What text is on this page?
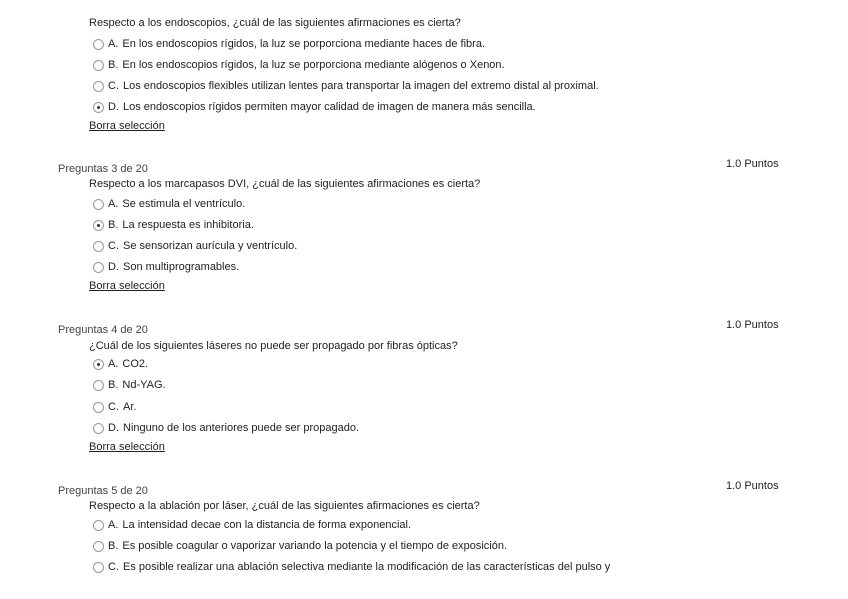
Respecto a los endoscopios, ¿cuál de las siguientes afirmaciones es cierta?
A. En los endoscopios rígidos, la luz se porporciona mediante haces de fibra.
B. En los endoscopios rígidos, la luz se porporciona mediante alógenos o Xenon.
C. Los endoscopios flexibles utilizan lentes para transportar la imagen del extremo distal al proximal.
D. Los endoscopios rígidos permiten mayor calidad de imagen de manera más sencilla.
Borra selección
Preguntas 3 de 20	1.0 Puntos
Respecto a los marcapasos DVI, ¿cuál de las siguientes afirmaciones es cierta?
A. Se estimula el ventrículo.
B. La respuesta es inhibitoria.
C. Se sensorizan aurícula y ventrículo.
D. Son multiprogramables.
Borra selección
Preguntas 4 de 20	1.0 Puntos
¿Cuál de los siguientes láseres no puede ser propagado por fibras ópticas?
A. CO2.
B. Nd-YAG.
C. Ar.
D. Ninguno de los anteriores puede ser propagado.
Borra selección
Preguntas 5 de 20	1.0 Puntos
Respecto a la ablación por láser, ¿cuál de las siguientes afirmaciones es cierta?
A. La intensidad decae con la distancia de forma exponencial.
B. Es posible coagular o vaporizar variando la potencia y el tiempo de exposición.
C. Es posible realizar una ablación selectiva mediante la modificación de las características del pulso y
